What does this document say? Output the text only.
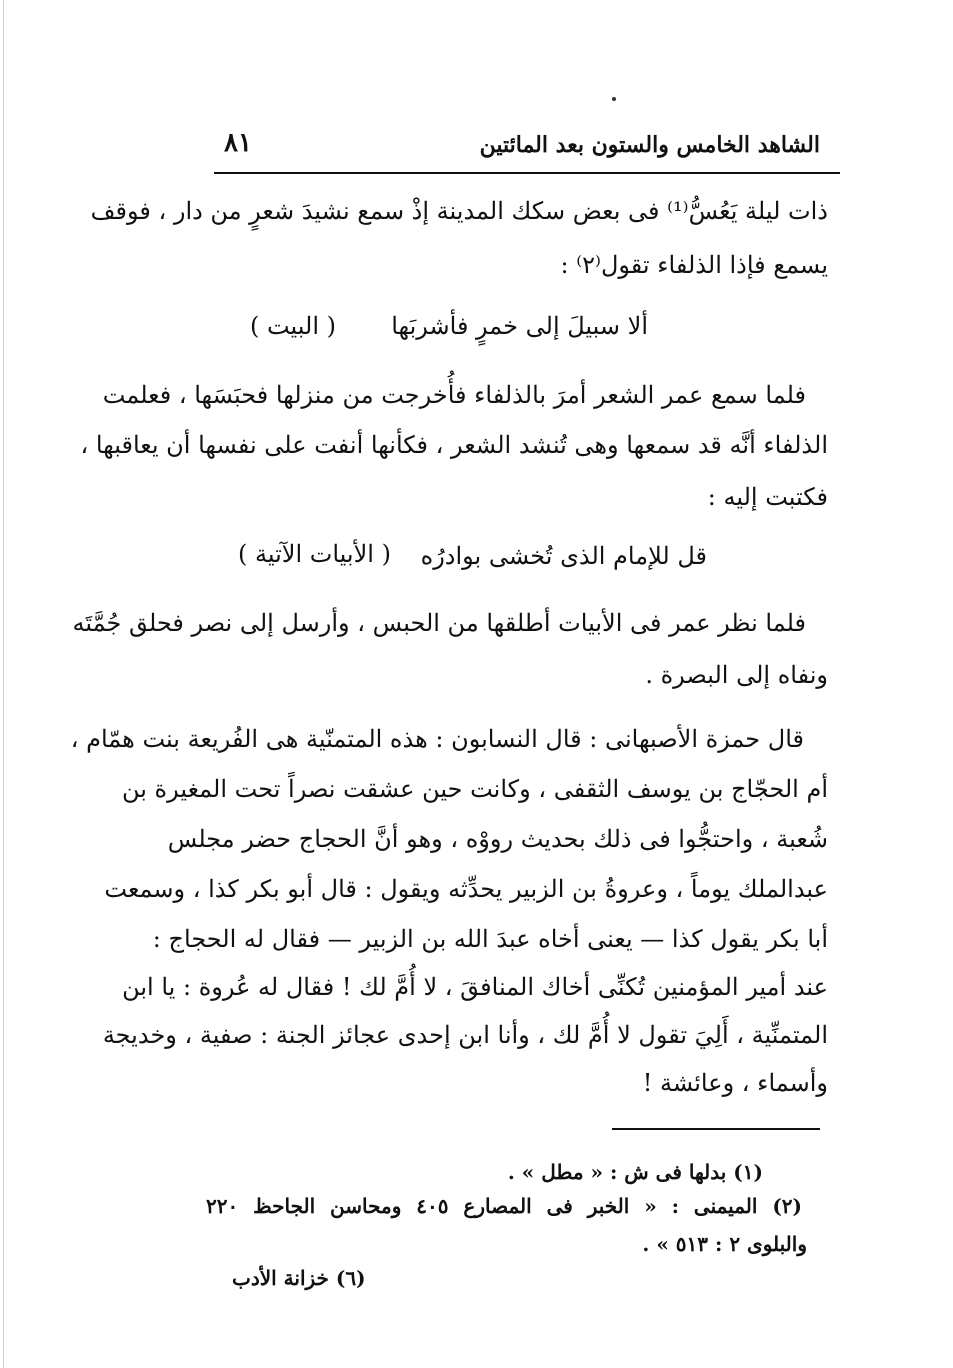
الشاهد الخامس والستون بعد المائتين
٨١
ذات ليلة يَعُسُّ⁽¹⁾ فى بعض سكك المدينة إذْ سمع نشيدَ شعرٍ من دار ، فوقف
يسمع فإذا الذلفاء تقول⁽٢⁾ :
ألا سبيلَ إلى خمرٍ فأشربَها
( البيت )
فلما سمع عمر الشعر أمرَ بالذلفاء فأُخرجت من منزلها فحبَسَها ، فعلمت
الذلفاء أنَّه قد سمعها وهى تُنشد الشعر ، فكأنها أنفت على نفسها أن يعاقبها ،
فكتبت إليه :
قل للإمام الذى تُخشى بوادرُه
( الأبيات الآتية )
فلما نظر عمر فى الأبيات أطلقها من الحبس ، وأرسل إلى نصر فحلق جُمَّتَه
ونفاه إلى البصرة .
قال حمزة الأصبهانى : قال النسابون : هذه المتمنّية هى الفُريعة بنت همّام ،
أم الحجّاج بن يوسف الثقفى ، وكانت حين عشقت نصراً تحت المغيرة بن
شُعبة ، واحتجُّوا فى ذلك بحديث رووْه ، وهو أنَّ الحجاج حضر مجلس
عبدالملك يوماً ، وعروةُ بن الزبير يحدِّثه ويقول : قال أبو بكر كذا ، وسمعت
أبا بكر يقول كذا — يعنى أخاه عبدَ الله بن الزبير — فقال له الحجاج :
عند أمير المؤمنين تُكنِّى أخاك المنافقَ ، لا أُمَّ لك ! فقال له عُروة : يا ابن
المتمنِّية ، أَلِيَ تقول لا أُمَّ لك ، وأنا ابن إحدى عجائز الجنة : صفية ، وخديجة
وأسماء ، وعائشة !
(١) بدلها فى ش : « مطل » .
(٢) الميمنى : « الخبر فى المصارع ٤٠٥ ومحاسن الجاحظ ٢٢٠
والبلوى ٢ : ٥١٣ » .
(٦) خزانة الأدب
